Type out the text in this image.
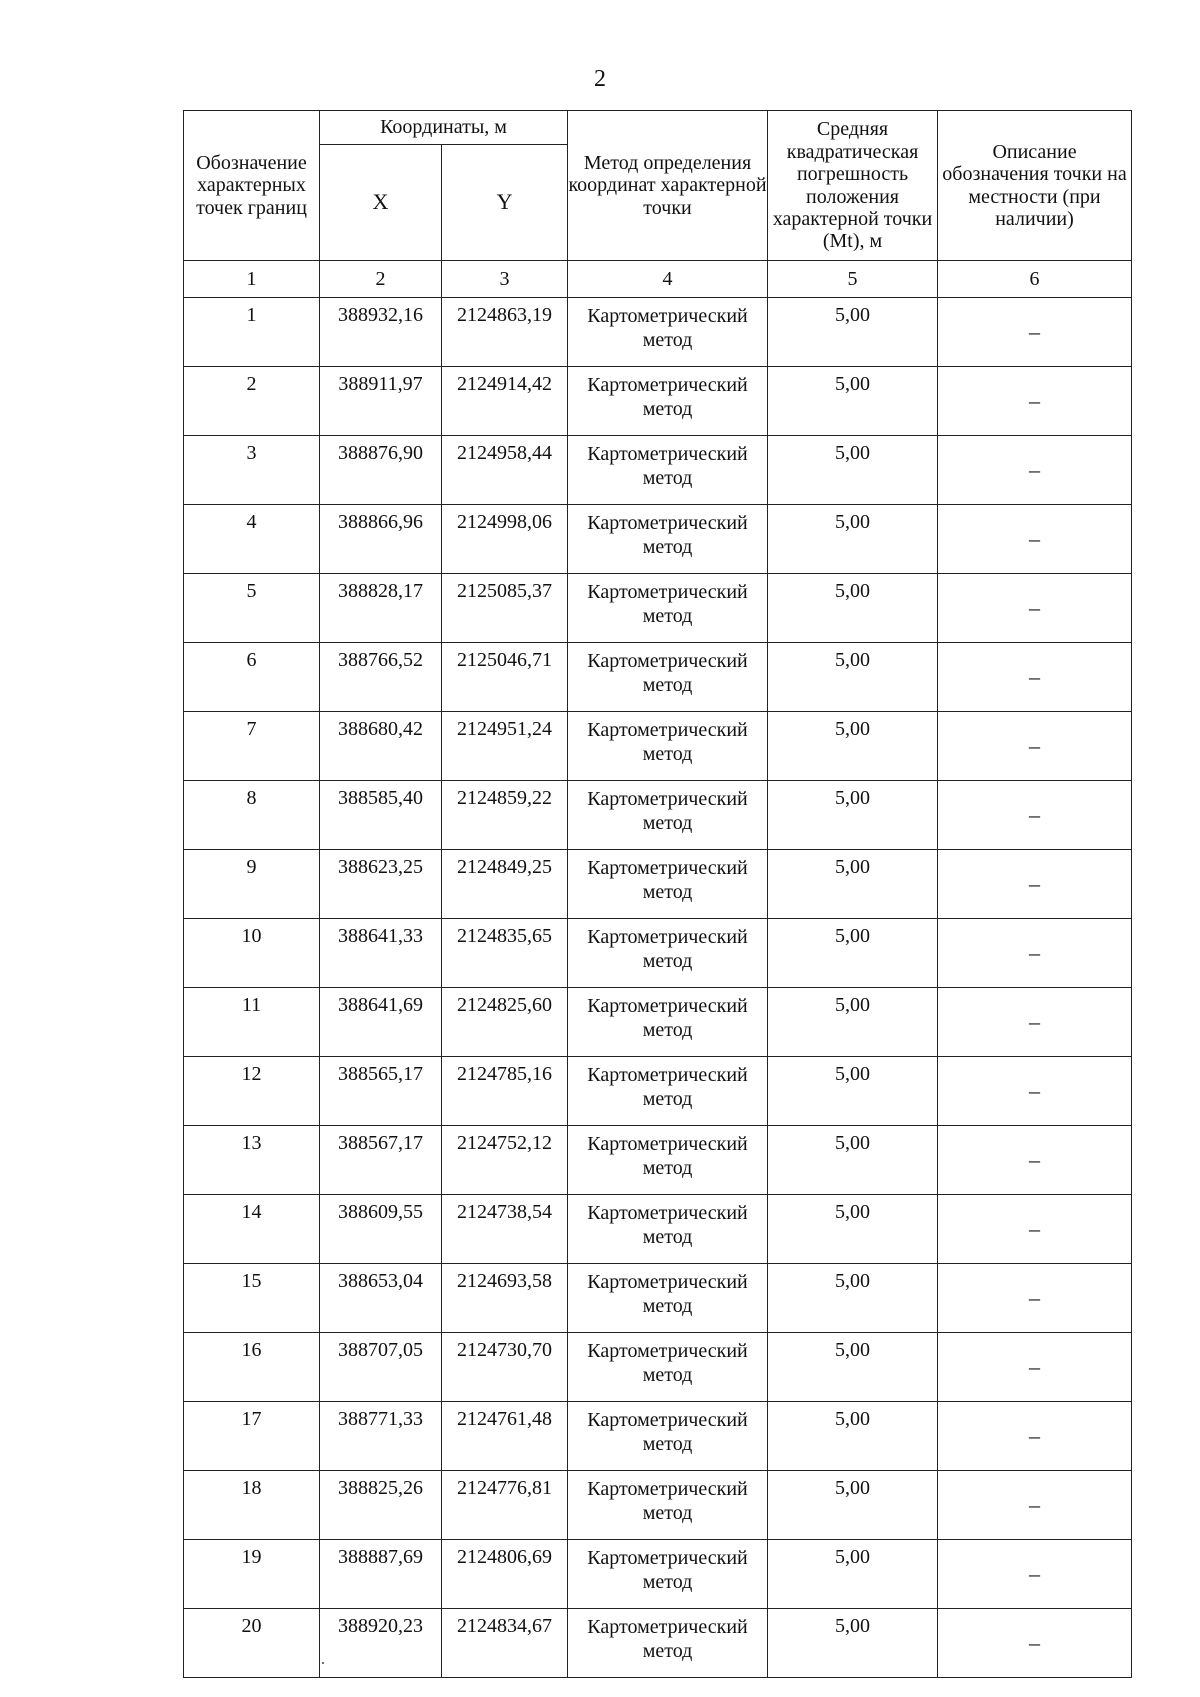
2
Обозначение характерных точек границ	Координаты, м		Метод определения координат характерной точки	Средняя квадратическая погрешность положения характерной точки (Mt), м	Описание обозначения точки на местности (при наличии)
	X	Y			
1	2	3	4	5	6
1	388932,16	2124863,19	Картометрический метод	5,00	–
2	388911,97	2124914,42	Картометрический метод	5,00	–
3	388876,90	2124958,44	Картометрический метод	5,00	–
4	388866,96	2124998,06	Картометрический метод	5,00	–
5	388828,17	2125085,37	Картометрический метод	5,00	–
6	388766,52	2125046,71	Картометрический метод	5,00	–
7	388680,42	2124951,24	Картометрический метод	5,00	–
8	388585,40	2124859,22	Картометрический метод	5,00	–
9	388623,25	2124849,25	Картометрический метод	5,00	–
10	388641,33	2124835,65	Картометрический метод	5,00	–
11	388641,69	2124825,60	Картометрический метод	5,00	–
12	388565,17	2124785,16	Картометрический метод	5,00	–
13	388567,17	2124752,12	Картометрический метод	5,00	–
14	388609,55	2124738,54	Картометрический метод	5,00	–
15	388653,04	2124693,58	Картометрический метод	5,00	–
16	388707,05	2124730,70	Картометрический метод	5,00	–
17	388771,33	2124761,48	Картометрический метод	5,00	–
18	388825,26	2124776,81	Картометрический метод	5,00	–
19	388887,69	2124806,69	Картометрический метод	5,00	–
20	388920,23	2124834,67	Картометрический метод	5,00	–
